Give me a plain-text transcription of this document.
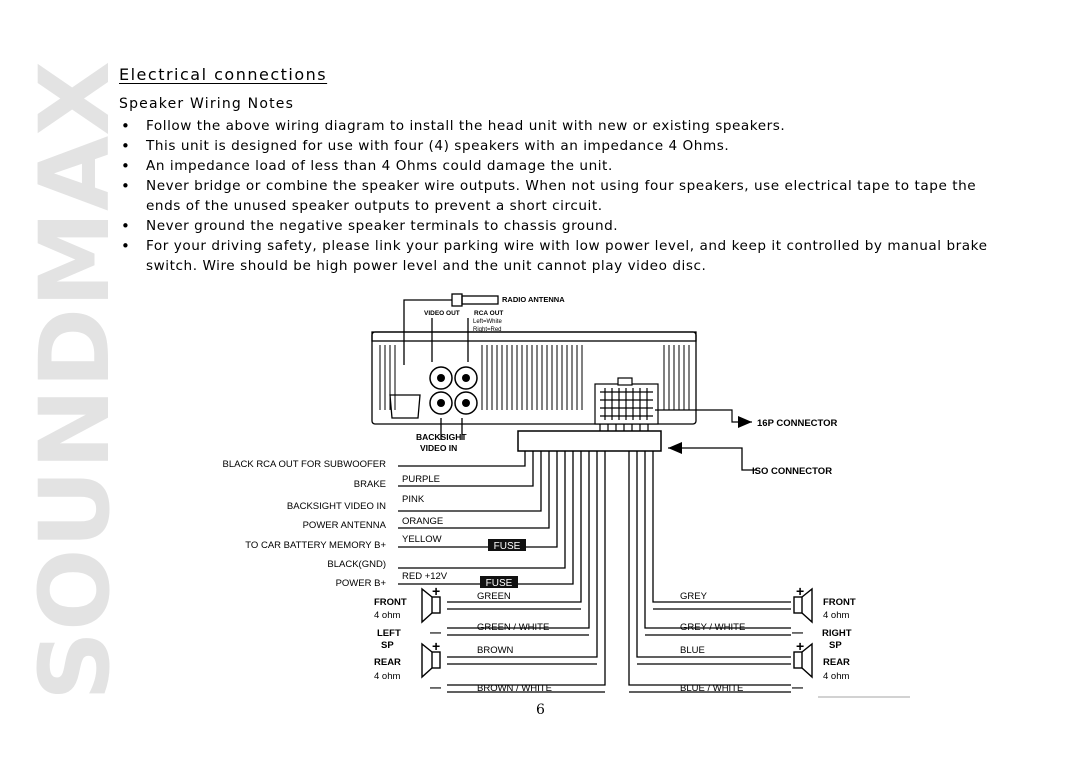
SOUNDMAX
Electrical connections
Speaker Wiring Notes
• Follow the above wiring diagram to install the head unit with new or existing speakers.
• This unit is designed for use with four (4) speakers with an impedance 4 Ohms.
• An impedance load of less than 4 Ohms could damage the unit.
• Never bridge or combine the speaker wire outputs. When not using four speakers, use electrical tape to tape the ends of the unused speaker outputs to prevent a short circuit.
• Never ground the negative speaker terminals to chassis ground.
• For your driving safety, please link your parking wire with low power level, and keep it controlled by manual brake switch. Wire should be high power level and the unit cannot play video disc.
FUSE
FUSE
RADIO ANTENNA
VIDEO OUT RCA OUT
Left=White
Right=Red
16P CONNECTOR
BACKSIGHT
VIDEO IN
ISO CONNECTOR
BLACK RCA OUT FOR SUBWOOFER
BRAKE
BACKSIGHT VIDEO IN
POWER ANTENNA
TO CAR BATTERY MEMORY B+
BLACK(GND)
POWER B+
PURPLE
PINK
ORANGE
YELLOW
RED +12V
FRONT
4 ohm
LEFT
SP
REAR
4 ohm
GREEN
GREEN / WHITE
BROWN
BROWN / WHITE
FRONT
4 ohm
RIGHT
SP
REAR
4 ohm
GREY
GREY / WHITE
BLUE
BLUE / WHITE
+
—
+
—
+
—
+
—
6
